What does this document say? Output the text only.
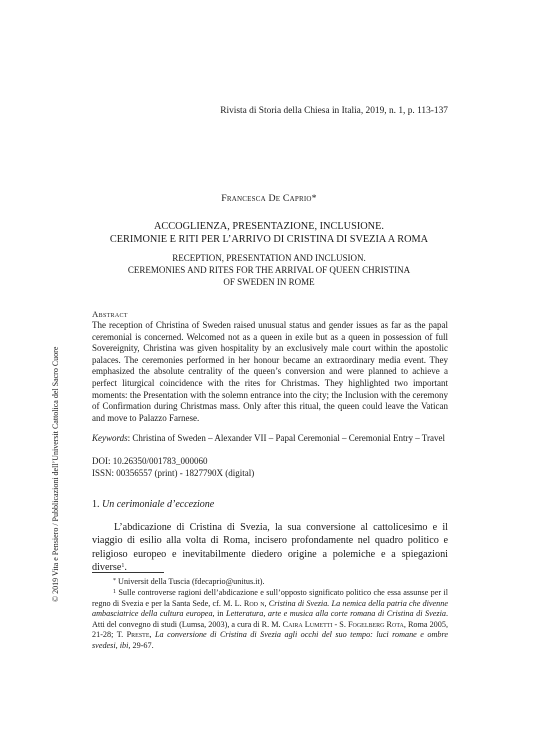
Rivista di Storia della Chiesa in Italia, 2019, n. 1, p. 113-137
Francesca De Caprio*
ACCOGLIENZA, PRESENTAZIONE, INCLUSIONE.
CERIMONIE E RITI PER L’ARRIVO DI CRISTINA DI SVEZIA A ROMA
RECEPTION, PRESENTATION AND INCLUSION.
CEREMONIES AND RITES FOR THE ARRIVAL OF QUEEN CHRISTINA
OF SWEDEN IN ROME
Abstract
The reception of Christina of Sweden raised unusual status and gender issues as far as the papal ceremonial is concerned. Welcomed not as a queen in exile but as a queen in possession of full Sovereignity, Christina was given hospitality by an exclusively male court within the apostolic palaces. The ceremonies performed in her honour became an extraordinary media event. They emphasized the absolute centrality of the queen’s conversion and were planned to achieve a perfect liturgical coincidence with the rites for Christmas. They highlighted two important moments: the Presentation with the solemn entrance into the city; the Inclusion with the ceremony of Confirmation during Christmas mass. Only after this ritual, the queen could leave the Vatican and move to Palazzo Farnese.
Keywords: Christina of Sweden – Alexander VII – Papal Ceremonial – Ceremonial Entry – Travel
DOI: 10.26350/001783_000060
ISSN: 00356557 (print) - 1827790X (digital)
1. Un cerimoniale d’eccezione
L’abdicazione di Cristina di Svezia, la sua conversione al cattolicesimo e il viaggio di esilio alla volta di Roma, incisero profondamente nel quadro politico e religioso europeo e inevitabilmente diedero origine a polemiche e a spiegazioni diverse$^1$.
* Universit della Tuscia (fdecaprio@unitus.it).
$^1$ Sulle controverse ragioni dell’abdicazione e sull’opposto significato politico che essa assunse per il regno di Svezia e per la Santa Sede, cf. M. L. Rod n, Cristina di Svezia. La nemica della patria che divenne ambasciatrice della cultura europea, in Letteratura, arte e musica alla corte romana di Cristina di Svezia. Atti del convegno di studi (Lumsa, 2003), a cura di R. M. Caira Lumetti - S. Fogelberg Rota, Roma 2005, 21-28; T. Preste, La conversione di Cristina di Svezia agli occhi del suo tempo: luci romane e ombre svedesi, ibi, 29-67.
© 2019 Vita e Pensiero / Pubblicazioni dell’Universit Cattolica del Sacro Cuore
